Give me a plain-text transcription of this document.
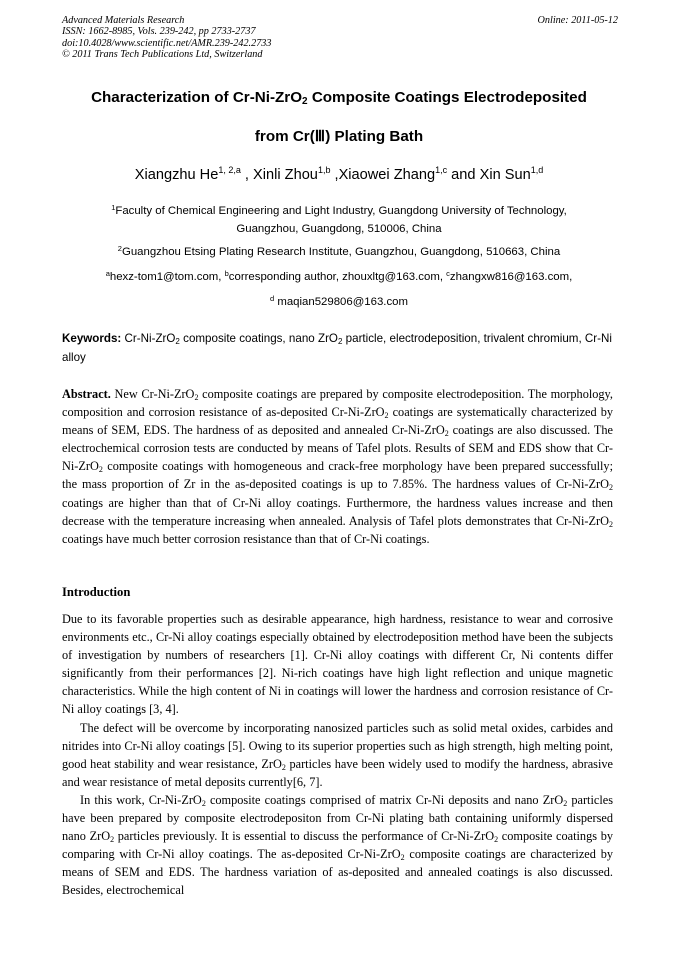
Advanced Materials Research
ISSN: 1662-8985, Vols. 239-242, pp 2733-2737
doi:10.4028/www.scientific.net/AMR.239-242.2733
© 2011 Trans Tech Publications Ltd, Switzerland
Online: 2011-05-12
Characterization of Cr-Ni-ZrO$_2$ Composite Coatings Electrodeposited
from Cr(Ⅲ) Plating Bath
Xiangzhu He$^{1, 2,a}$ , Xinli Zhou$^{1,b}$ ,Xiaowei Zhang$^{1,c}$ and Xin Sun$^{1,d}$
$^1$Faculty of Chemical Engineering and Light Industry, Guangdong University of Technology,
Guangzhou, Guangdong, 510006, China
$^2$Guangzhou Etsing Plating Research Institute, Guangzhou, Guangdong, 510663, China
$^a$hexz-tom1@tom.com, $^b$corresponding author, zhouxltg@163.com, $^c$zhangxw816@163.com,
$^d$ maqian529806@163.com
Keywords: Cr-Ni-ZrO$_2$ composite coatings, nano ZrO$_2$ particle, electrodeposition, trivalent chromium, Cr-Ni alloy
Abstract. New Cr-Ni-ZrO$_2$ composite coatings are prepared by composite electrodeposition. The morphology, composition and corrosion resistance of as-deposited Cr-Ni-ZrO$_2$ coatings are systematically characterized by means of SEM, EDS. The hardness of as deposited and annealed Cr-Ni-ZrO$_2$ coatings are also discussed. The electrochemical corrosion tests are conducted by means of Tafel plots. Results of SEM and EDS show that Cr-Ni-ZrO$_2$ composite coatings with homogeneous and crack-free morphology have been prepared successfully; the mass proportion of Zr in the as-deposited coatings is up to 7.85%. The hardness values of Cr-Ni-ZrO$_2$ coatings are higher than that of Cr-Ni alloy coatings. Furthermore, the hardness values increase and then decrease with the temperature increasing when annealed. Analysis of Tafel plots demonstrates that Cr-Ni-ZrO$_2$ coatings have much better corrosion resistance than that of Cr-Ni coatings.
Introduction

Due to its favorable properties such as desirable appearance, high hardness, resistance to wear and corrosive environments etc., Cr-Ni alloy coatings especially obtained by electrodeposition method have been the subjects of investigation by numbers of researchers [1]. Cr-Ni alloy coatings with different Cr, Ni contents differ significantly from their performances [2]. Ni-rich coatings have high light reflection and unique magnetic characteristics. While the high content of Ni in coatings will lower the hardness and corrosion resistance of Cr-Ni alloy coatings [3, 4].

The defect will be overcome by incorporating nanosized particles such as solid metal oxides, carbides and nitrides into Cr-Ni alloy coatings [5]. Owing to its superior properties such as high strength, high melting point, good heat stability and wear resistance, ZrO$_2$ particles have been widely used to modify the hardness, abrasive and wear resistance of metal deposits currently[6, 7].

In this work, Cr-Ni-ZrO$_2$ composite coatings comprised of matrix Cr-Ni deposits and nano ZrO$_2$ particles have been prepared by composite electrodepositon from Cr-Ni plating bath containing uniformly dispersed nano ZrO$_2$ particles previously. It is essential to discuss the performance of Cr-Ni-ZrO$_2$ composite coatings by comparing with Cr-Ni alloy coatings. The as-deposited Cr-Ni-ZrO$_2$ composite coatings are characterized by means of SEM and EDS. The hardness variation of as-deposited and annealed coatings is also discussed. Besides, electrochemical
